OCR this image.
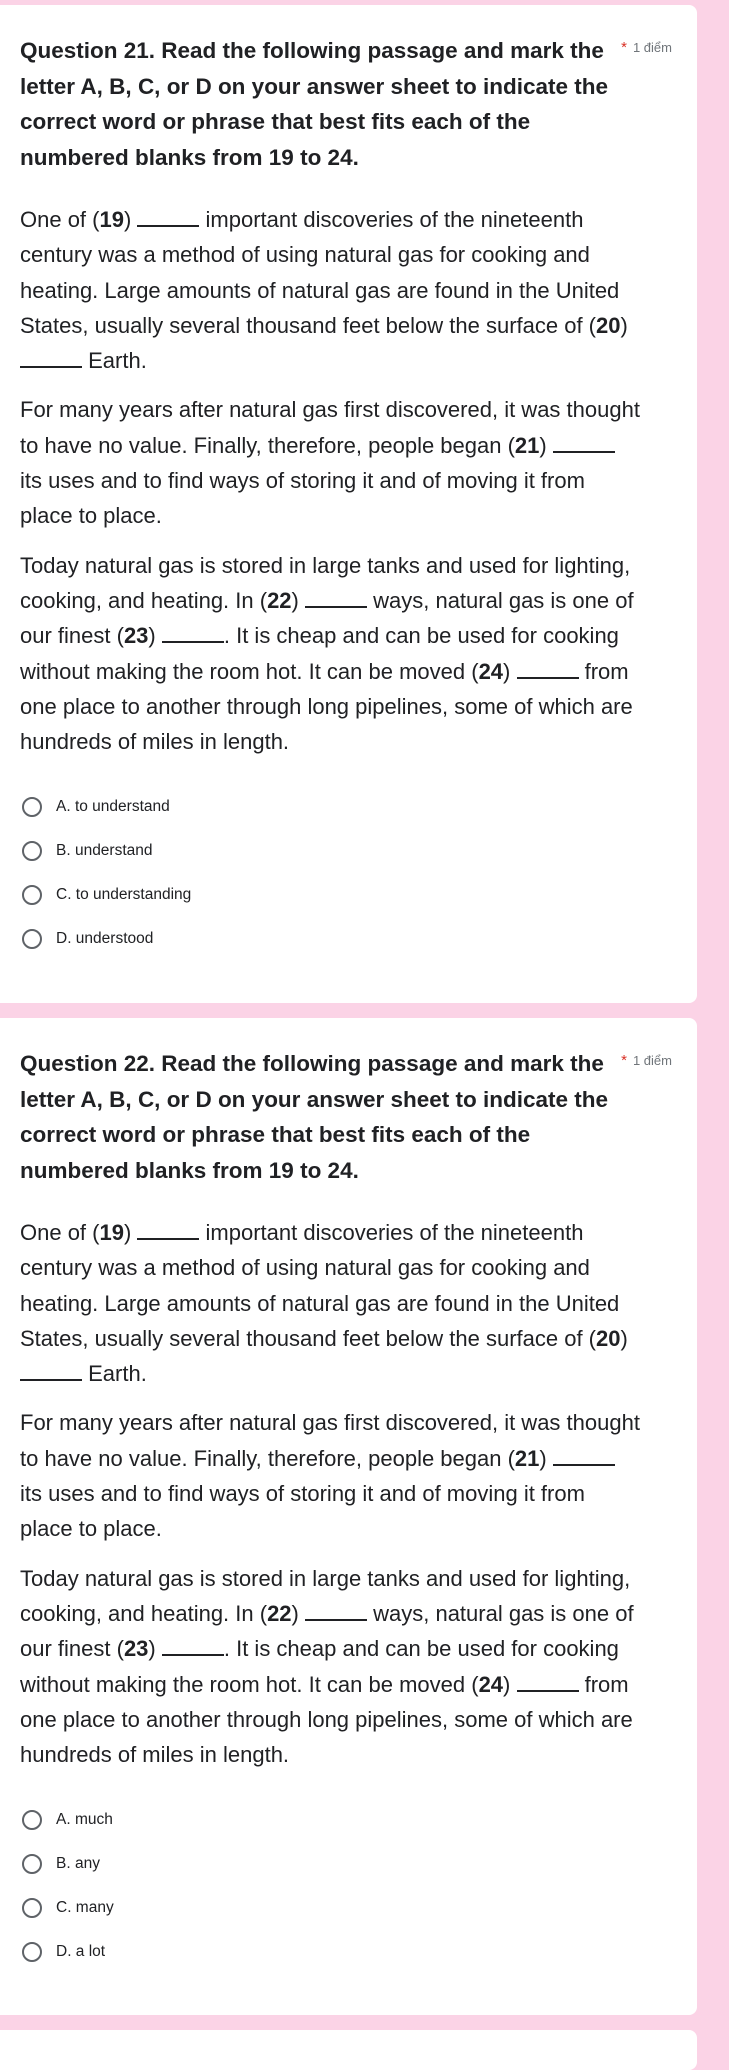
Question 21. Read the following passage and mark the letter A, B, C, or D on your answer sheet to indicate the correct word or phrase that best fits each of the numbered blanks from 19 to 24.

* 1 điểm

One of (19)	important discoveries of the nineteenth century was a method of using natural gas for cooking and heating. Large amounts of natural gas are found in the United States, usually several thousand feet below the surface of (20)  Earth.

For many years after natural gas first discovered, it was thought to have no value. Finally, therefore, people began (21)  its uses and to find ways of storing it and of moving it from place to place.

Today natural gas is stored in large tanks and used for lighting, cooking, and heating. In (22)	ways, natural gas is one of our finest (23)	. It is cheap and can be used for cooking without making the room hot. It can be moved (24)	from one place to another through long pipelines, some of which are hundreds of miles in length.

A. to understand
B. understand
C. to understanding
D. understood

Question 22. Read the following passage and mark the letter A, B, C, or D on your answer sheet to indicate the correct word or phrase that best fits each of the numbered blanks from 19 to 24.

* 1 điểm

One of (19)	important discoveries of the nineteenth century was a method of using natural gas for cooking and heating. Large amounts of natural gas are found in the United States, usually several thousand feet below the surface of (20)  Earth.

For many years after natural gas first discovered, it was thought to have no value. Finally, therefore, people began (21)  its uses and to find ways of storing it and of moving it from place to place.

Today natural gas is stored in large tanks and used for lighting, cooking, and heating. In (22)	ways, natural gas is one of our finest (23)	. It is cheap and can be used for cooking without making the room hot. It can be moved (24)	from one place to another through long pipelines, some of which are hundreds of miles in length.

A. much
B. any
C. many
D. a lot
